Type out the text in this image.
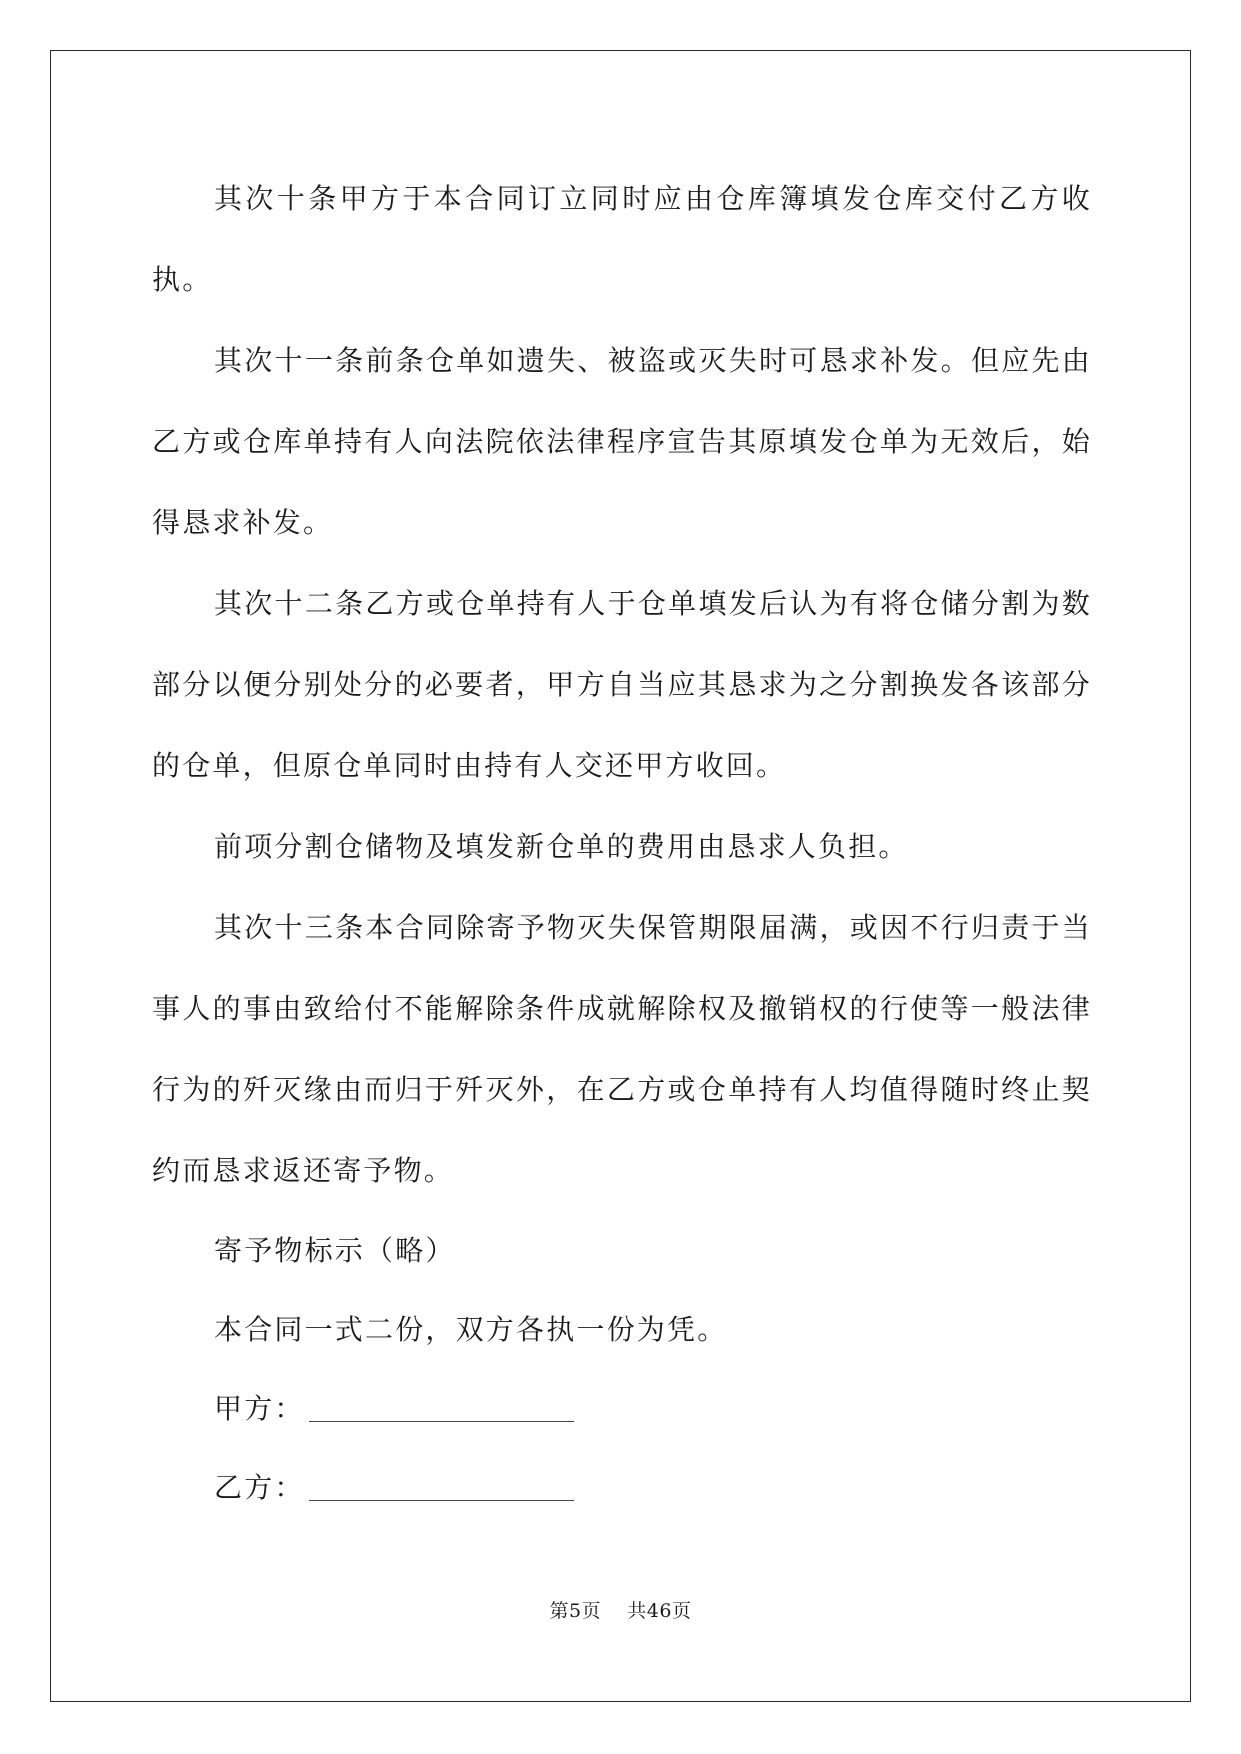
其次十条甲方于本合同订立同时应由仓库簿填发仓库交付乙方收执。

其次十一条前条仓单如遗失、被盗或灭失时可恳求补发。但应先由乙方或仓库单持有人向法院依法律程序宣告其原填发仓单为无效后，始得恳求补发。

其次十二条乙方或仓单持有人于仓单填发后认为有将仓储分割为数部分以便分别处分的必要者，甲方自当应其恳求为之分割换发各该部分的仓单，但原仓单同时由持有人交还甲方收回。

前项分割仓储物及填发新仓单的费用由恳求人负担。

其次十三条本合同除寄予物灭失保管期限届满，或因不行归责于当事人的事由致给付不能解除条件成就解除权及撤销权的行使等一般法律行为的歼灭缘由而归于歼灭外，在乙方或仓单持有人均值得随时终止契约而恳求返还寄予物。

寄予物标示（略）

本合同一式二份，双方各执一份为凭。

甲方：

乙方：

第5页 共46页
